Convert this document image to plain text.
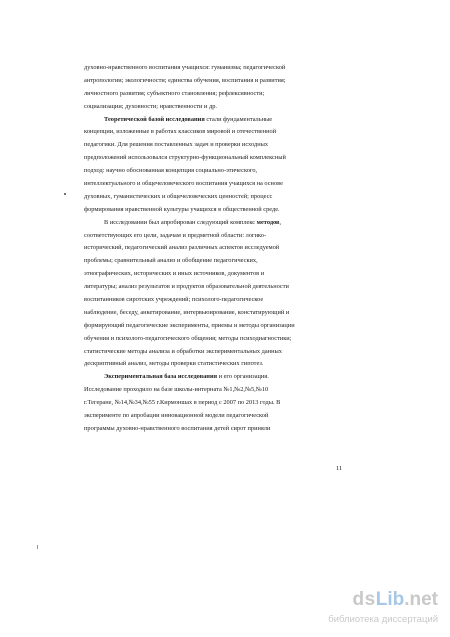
духовно-нравственного воспитания учащихся: гуманизма; педагогической
антропологии; экологичности; единства обучения, воспитания и развития;
личностного развития; субъектного становления; рефлексивности;
социализации; духовности; нравственности и др.
Теоретической базой исследования стали фундаментальные
концепции, изложенные в работах классиков мировой и отечественной
педагогики. Для решения поставленных задач и проверки исходных
предположений использовался структурно-функциональный комплексный
подход: научно обоснованная концепция социально-этического,
интеллектуального и общечеловеческого воспитания учащихся на основе
духовных, гуманистических и общечеловеческих ценностей; процесс
формирования нравственной культуры учащихся в общественной среде.
В исследовании был апробирован следующий комплекс методов,
соответствующих его цели, задачам и предметной области: логико-
исторический, педагогический анализ различных аспектов исследуемой
проблемы; сравнительный анализ и обобщение педагогических,
этнографических, исторических и иных источников, документов и
литературы; анализ результатов и продуктов образовательной деятельности
воспитанников сиротских учреждений; психолого-педагогическое
наблюдение, беседу, анкетирование, интервьюирование, констатирующий и
формирующий педагогические эксперименты, приемы и методы организации
обучения и психолого-педагогического общения; методы психодиагностики;
статистические методы анализа и обработки экспериментальных данных
дескриптивный анализ, методы проверки статистических гипотез.
Экспериментальная база исследования и его организация.
Исследование проходило на базе школы-интерната №1,№2,№5,№10
г.Тегеране, №14,№34,№55 г.Кирмоншах в период с 2007 по 2013 годы. В
эксперименте по апробации инновационной модели педагогической
программы духовно-нравственного воспитания детей сирот приняли
11
dsLib.net
библиотека диссертаций
